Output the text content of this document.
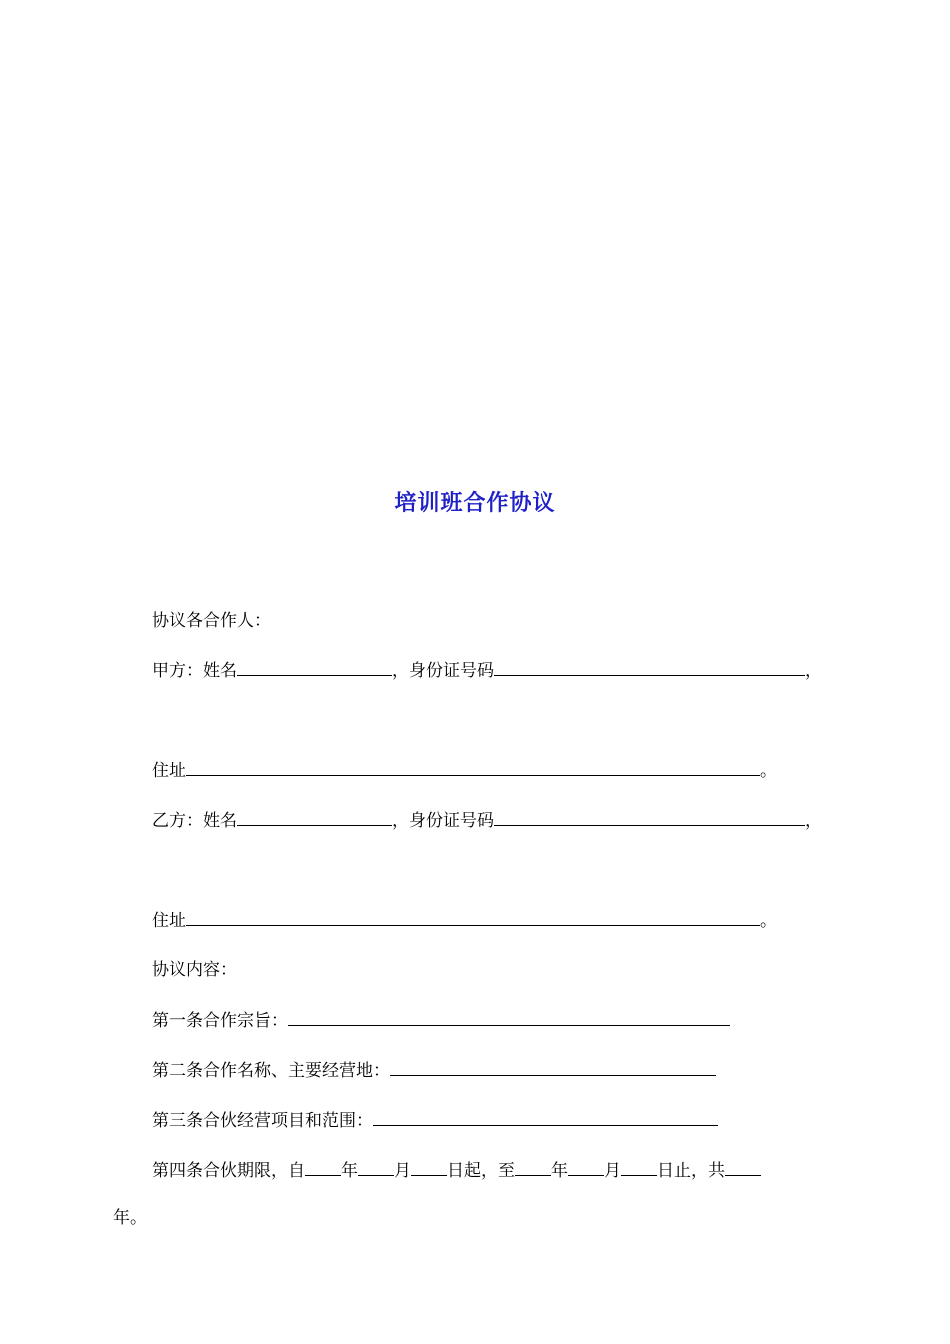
培训班合作协议
协议各合作人：
甲方：姓名	，身份证号码	，
住址	。
乙方：姓名	，身份证号码	，
住址	。
协议内容：
第一条合作宗旨：
第二条合作名称、主要经营地：
第三条合伙经营项目和范围：
第四条合伙期限，自 年 月 日起，至 年 月 日止，共
年。
